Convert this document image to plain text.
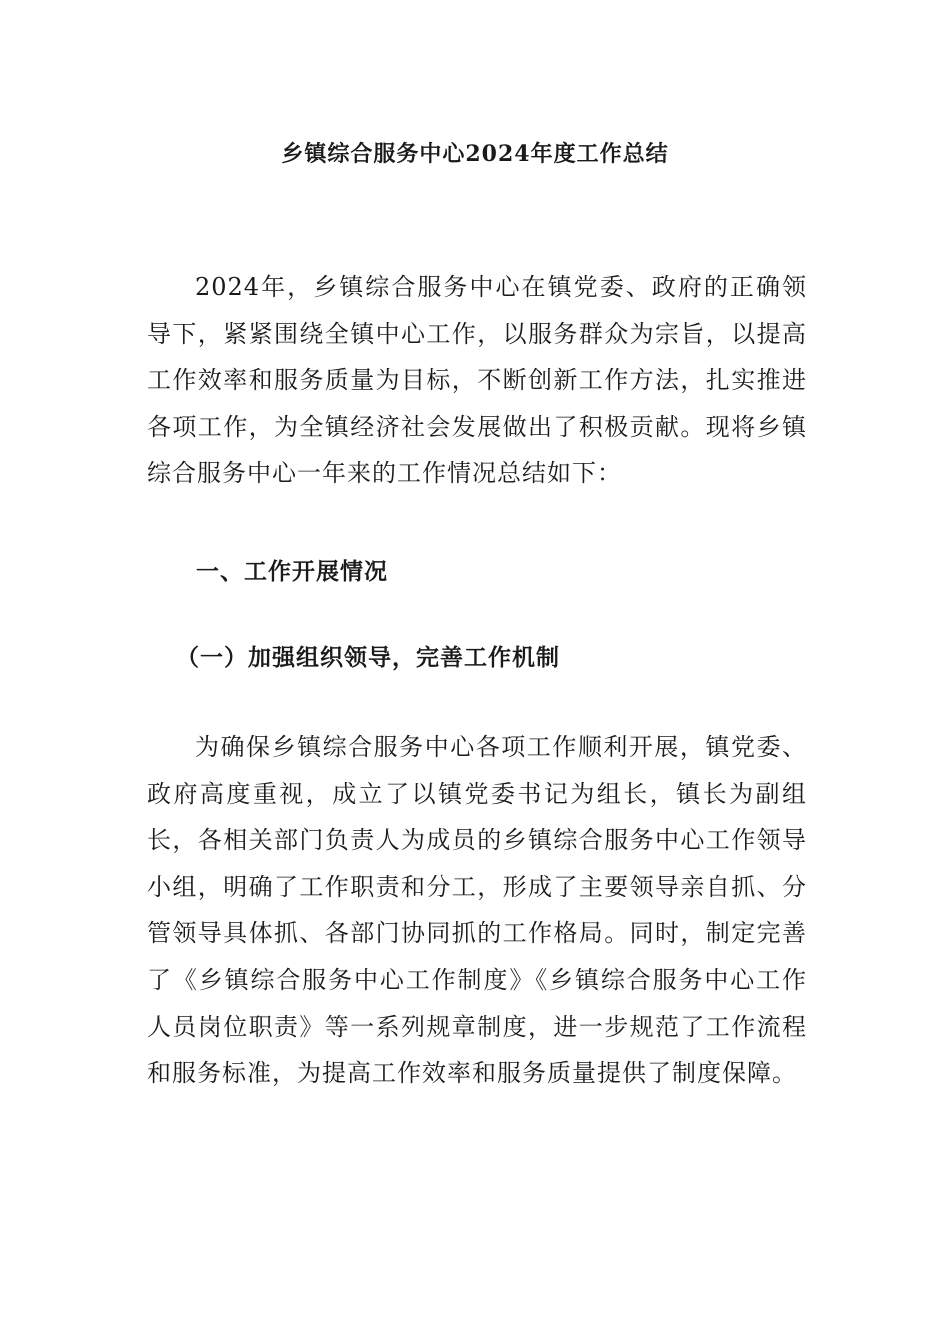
乡镇综合服务中心2024年度工作总结
2024年，乡镇综合服务中心在镇党委、政府的正确领导下，紧紧围绕全镇中心工作，以服务群众为宗旨，以提高工作效率和服务质量为目标，不断创新工作方法，扎实推进各项工作，为全镇经济社会发展做出了积极贡献。现将乡镇综合服务中心一年来的工作情况总结如下：
一、工作开展情况
（一）加强组织领导，完善工作机制
为确保乡镇综合服务中心各项工作顺利开展，镇党委、政府高度重视，成立了以镇党委书记为组长，镇长为副组长，各相关部门负责人为成员的乡镇综合服务中心工作领导小组，明确了工作职责和分工，形成了主要领导亲自抓、分管领导具体抓、各部门协同抓的工作格局。同时，制定完善了《乡镇综合服务中心工作制度》《乡镇综合服务中心工作人员岗位职责》等一系列规章制度，进一步规范了工作流程和服务标准，为提高工作效率和服务质量提供了制度保障。
